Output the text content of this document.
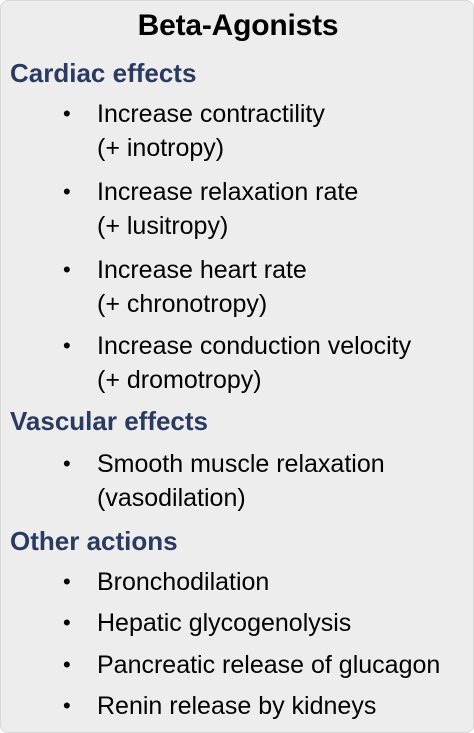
Beta-Agonists
Cardiac effects
• Increase contractility
(+ inotropy)
• Increase relaxation rate
(+ lusitropy)
• Increase heart rate
(+ chronotropy)
• Increase conduction velocity
(+ dromotropy)
Vascular effects
• Smooth muscle relaxation
(vasodilation)
Other actions
• Bronchodilation
• Hepatic glycogenolysis
• Pancreatic release of glucagon
• Renin release by kidneys
